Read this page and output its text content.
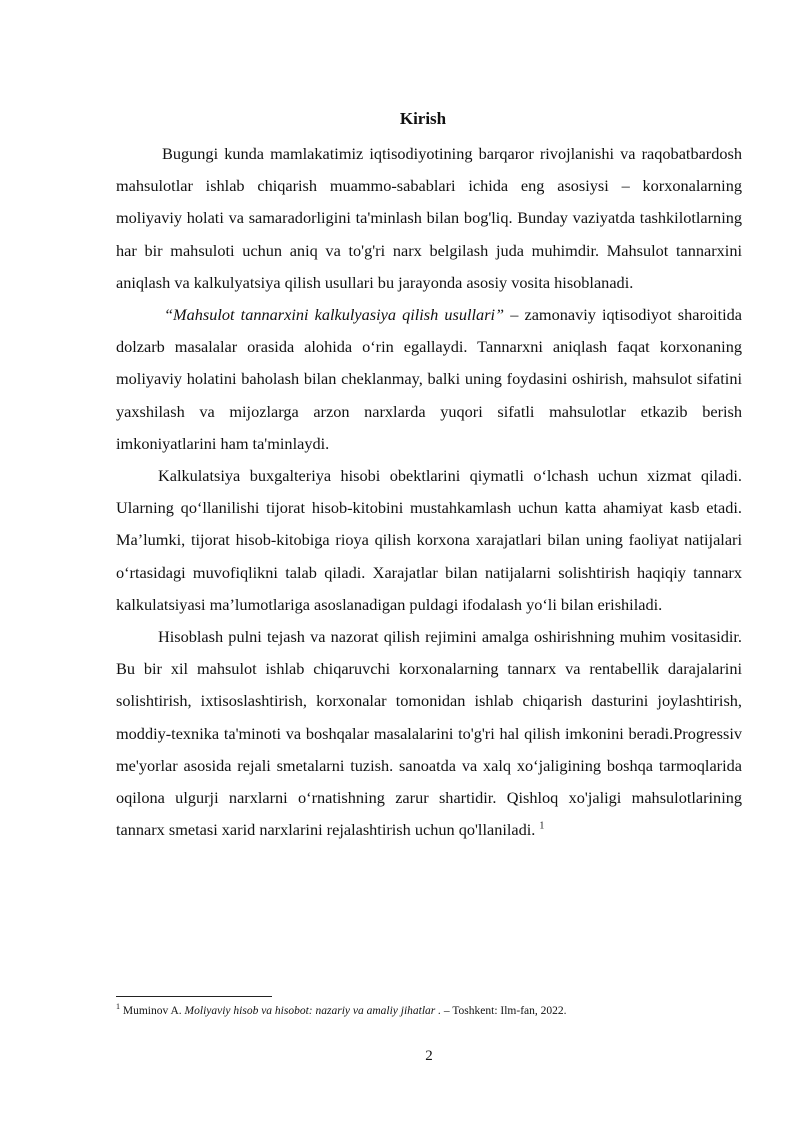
Kirish

Bugungi kunda mamlakatimiz iqtisodiyotining barqaror rivojlanishi va raqobatbardosh mahsulotlar ishlab chiqarish muammo-sabablari ichida eng asosiysi – korxonalarning moliyaviy holati va samaradorligini ta'minlash bilan bog'liq. Bunday vaziyatda tashkilotlarning har bir mahsuloti uchun aniq va to'g'ri narx belgilash juda muhimdir. Mahsulot tannarxini aniqlash va kalkulyatsiya qilish usullari bu jarayonda asosiy vosita hisoblanadi.

“Mahsulot tannarxini kalkulyasiya qilish usullari” – zamonaviy iqtisodiyot sharoitida dolzarb masalalar orasida alohida o‘rin egallaydi. Tannarxni aniqlash faqat korxonaning moliyaviy holatini baholash bilan cheklanmay, balki uning foydasini oshirish, mahsulot sifatini yaxshilash va mijozlarga arzon narxlarda yuqori sifatli mahsulotlar etkazib berish imkoniyatlarini ham ta'minlaydi.

Kalkulatsiya buxgalteriya hisobi obektlarini qiymatli o‘lchash uchun xizmat qiladi. Ularning qo‘llanilishi tijorat hisob-kitobini mustahkamlash uchun katta ahamiyat kasb etadi. Ma’lumki, tijorat hisob-kitobiga rioya qilish korxona xarajatlari bilan uning faoliyat natijalari o‘rtasidagi muvofiqlikni talab qiladi. Xarajatlar bilan natijalarni solishtirish haqiqiy tannarx kalkulatsiyasi ma’lumotlariga asoslanadigan puldagi ifodalash yo‘li bilan erishiladi.

Hisoblash pulni tejash va nazorat qilish rejimini amalga oshirishning muhim vositasidir. Bu bir xil mahsulot ishlab chiqaruvchi korxonalarning tannarx va rentabellik darajalarini solishtirish, ixtisoslashtirish, korxonalar tomonidan ishlab chiqarish dasturini joylashtirish, moddiy-texnika ta'minoti va boshqalar masalalarini to'g'ri hal qilish imkonini beradi.Progressiv me'yorlar asosida rejali smetalarni tuzish. sanoatda va xalq xo‘jaligining boshqa tarmoqlarida oqilona ulgurji narxlarni o‘rnatishning zarur shartidir. Qishloq xo'jaligi mahsulotlarining tannarx smetasi xarid narxlarini rejalashtirish uchun qo'llaniladi. $^1$

$^1$ Muminov A. Moliyaviy hisob va hisobot: nazariy va amaliy jihatlar . – Toshkent: Ilm-fan, 2022.
2
